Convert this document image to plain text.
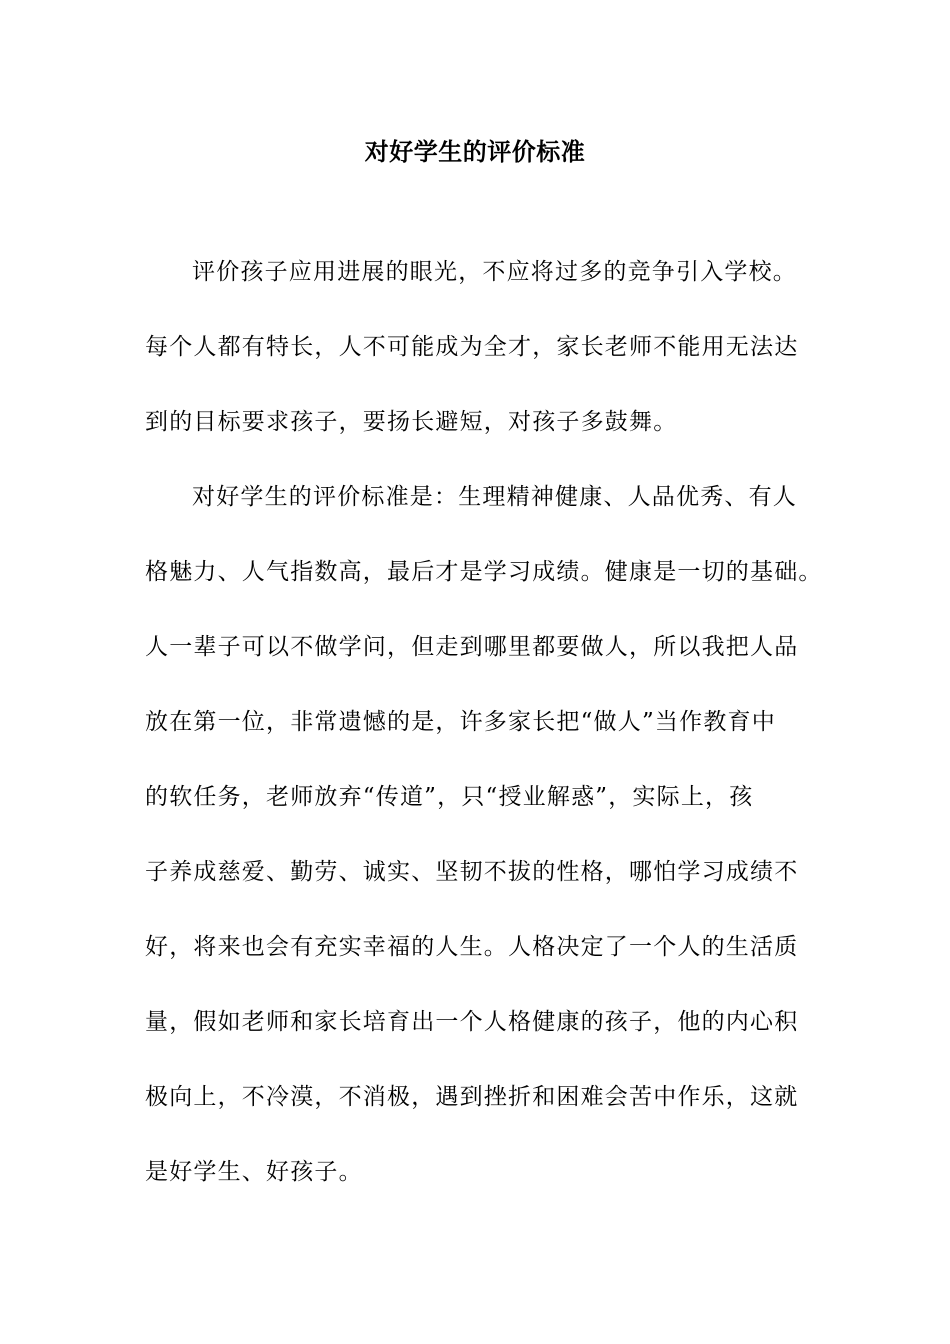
对好学生的评价标准
评价孩子应用进展的眼光，不应将过多的竞争引入学校。
每个人都有特长，人不可能成为全才，家长老师不能用无法达
到的目标要求孩子，要扬长避短，对孩子多鼓舞。
对好学生的评价标准是：生理精神健康、人品优秀、有人
格魅力、人气指数高，最后才是学习成绩。健康是一切的基础。
人一辈子可以不做学问，但走到哪里都要做人，所以我把人品
放在第一位，非常遗憾的是，许多家长把“做人”当作教育中
的软任务，老师放弃“传道”，只“授业解惑”，实际上，孩
子养成慈爱、勤劳、诚实、坚韧不拔的性格，哪怕学习成绩不
好，将来也会有充实幸福的人生。人格决定了一个人的生活质
量，假如老师和家长培育出一个人格健康的孩子，他的内心积
极向上，不冷漠，不消极，遇到挫折和困难会苦中作乐，这就
是好学生、好孩子。
